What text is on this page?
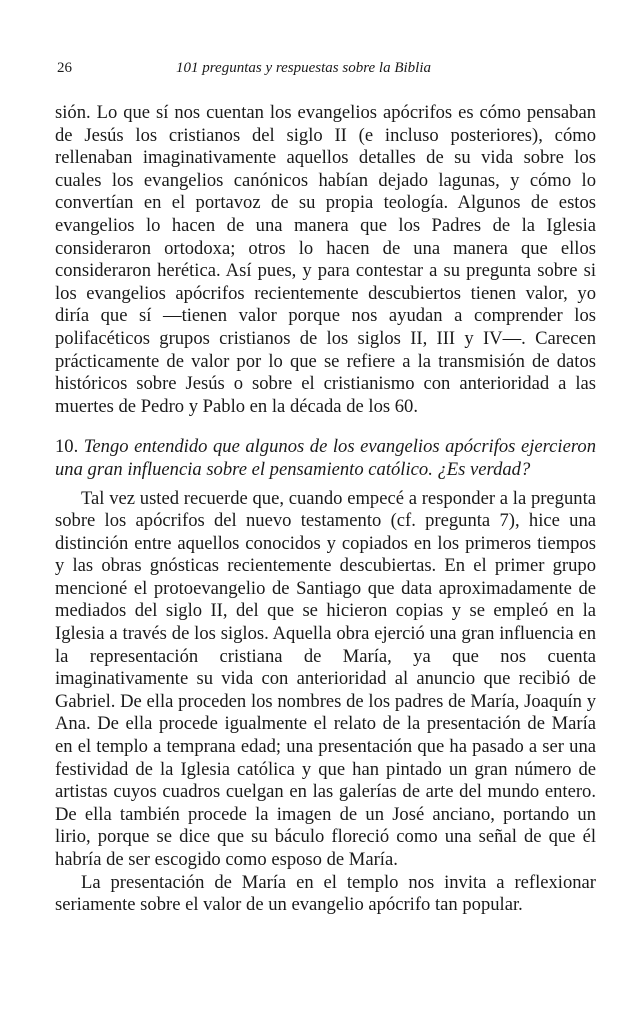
26	101 preguntas y respuestas sobre la Biblia

sión. Lo que sí nos cuentan los evangelios apócrifos es cómo pensaban de Jesús los cristianos del siglo II (e incluso posteriores), cómo rellenaban imaginativamente aquellos detalles de su vida sobre los cuales los evangelios canónicos habían dejado lagunas, y cómo lo convertían en el portavoz de su propia teología. Algunos de estos evangelios lo hacen de una manera que los Padres de la Iglesia consideraron ortodoxa; otros lo hacen de una manera que ellos consideraron herética. Así pues, y para contestar a su pregunta sobre si los evangelios apócrifos recientemente descubiertos tienen valor, yo diría que sí —tienen valor porque nos ayudan a comprender los polifacéticos grupos cristianos de los siglos II, III y IV—. Carecen prácticamente de valor por lo que se refiere a la transmisión de datos históricos sobre Jesús o sobre el cristianismo con anterioridad a las muertes de Pedro y Pablo en la década de los 60.

10. Tengo entendido que algunos de los evangelios apócrifos ejercieron una gran influencia sobre el pensamiento católico. ¿Es verdad?

Tal vez usted recuerde que, cuando empecé a responder a la pregunta sobre los apócrifos del nuevo testamento (cf. pregunta 7), hice una distinción entre aquellos conocidos y copiados en los primeros tiempos y las obras gnósticas recientemente descubiertas. En el primer grupo mencioné el protoevangelio de Santiago que data aproximadamente de mediados del siglo II, del que se hicieron copias y se empleó en la Iglesia a través de los siglos. Aquella obra ejerció una gran influencia en la representación cristiana de María, ya que nos cuenta imaginativamente su vida con anterioridad al anuncio que recibió de Gabriel. De ella proceden los nombres de los padres de María, Joaquín y Ana. De ella procede igualmente el relato de la presentación de María en el templo a temprana edad; una presentación que ha pasado a ser una festividad de la Iglesia católica y que han pintado un gran número de artistas cuyos cuadros cuelgan en las galerías de arte del mundo entero. De ella también procede la imagen de un José anciano, portando un lirio, porque se dice que su báculo floreció como una señal de que él habría de ser escogido como esposo de María.

La presentación de María en el templo nos invita a reflexionar seriamente sobre el valor de un evangelio apócrifo tan popular.
